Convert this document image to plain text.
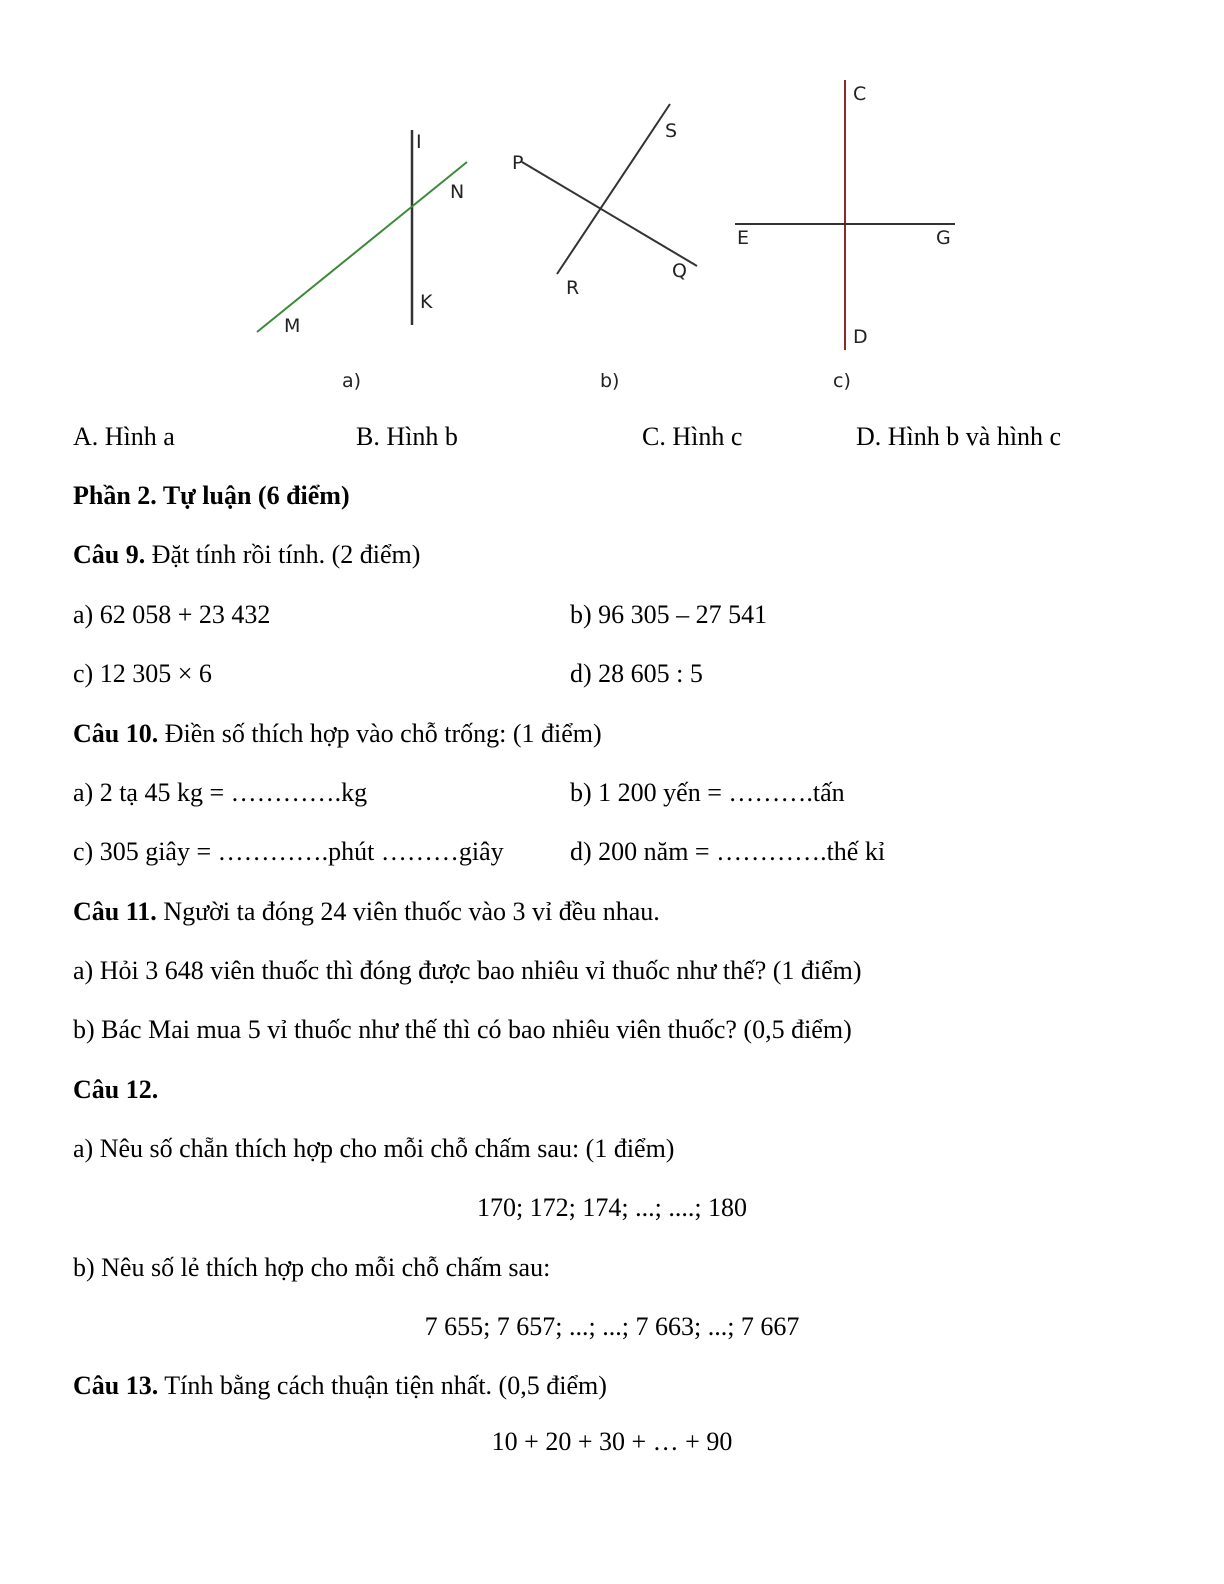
I
N
K
M
a)
S
P
Q
R
b)
C
E	G
D
c)
A. Hình a	B. Hình b	C. Hình c	D. Hình b và hình c
Phần 2. Tự luận (6 điểm)
Câu 9. Đặt tính rồi tính. (2 điểm)
a) 62 058 + 23 432	b) 96 305 – 27 541
c) 12 305 × 6	d) 28 605 : 5
Câu 10. Điền số thích hợp vào chỗ trống: (1 điểm)
a) 2 tạ 45 kg = ………….kg	b) 1 200 yến = ……….tấn
c) 305 giây = ………….phút ………giây	d) 200 năm = ………….thế kỉ
Câu 11. Người ta đóng 24 viên thuốc vào 3 vỉ đều nhau.
a) Hỏi 3 648 viên thuốc thì đóng được bao nhiêu vỉ thuốc như thế? (1 điểm)
b) Bác Mai mua 5 vỉ thuốc như thế thì có bao nhiêu viên thuốc? (0,5 điểm)
Câu 12.
a) Nêu số chẵn thích hợp cho mỗi chỗ chấm sau: (1 điểm)
170; 172; 174; ...; ....; 180
b) Nêu số lẻ thích hợp cho mỗi chỗ chấm sau:
7 655; 7 657; ...; ...; 7 663; ...; 7 667
Câu 13. Tính bằng cách thuận tiện nhất. (0,5 điểm)
10 + 20 + 30 + … + 90
